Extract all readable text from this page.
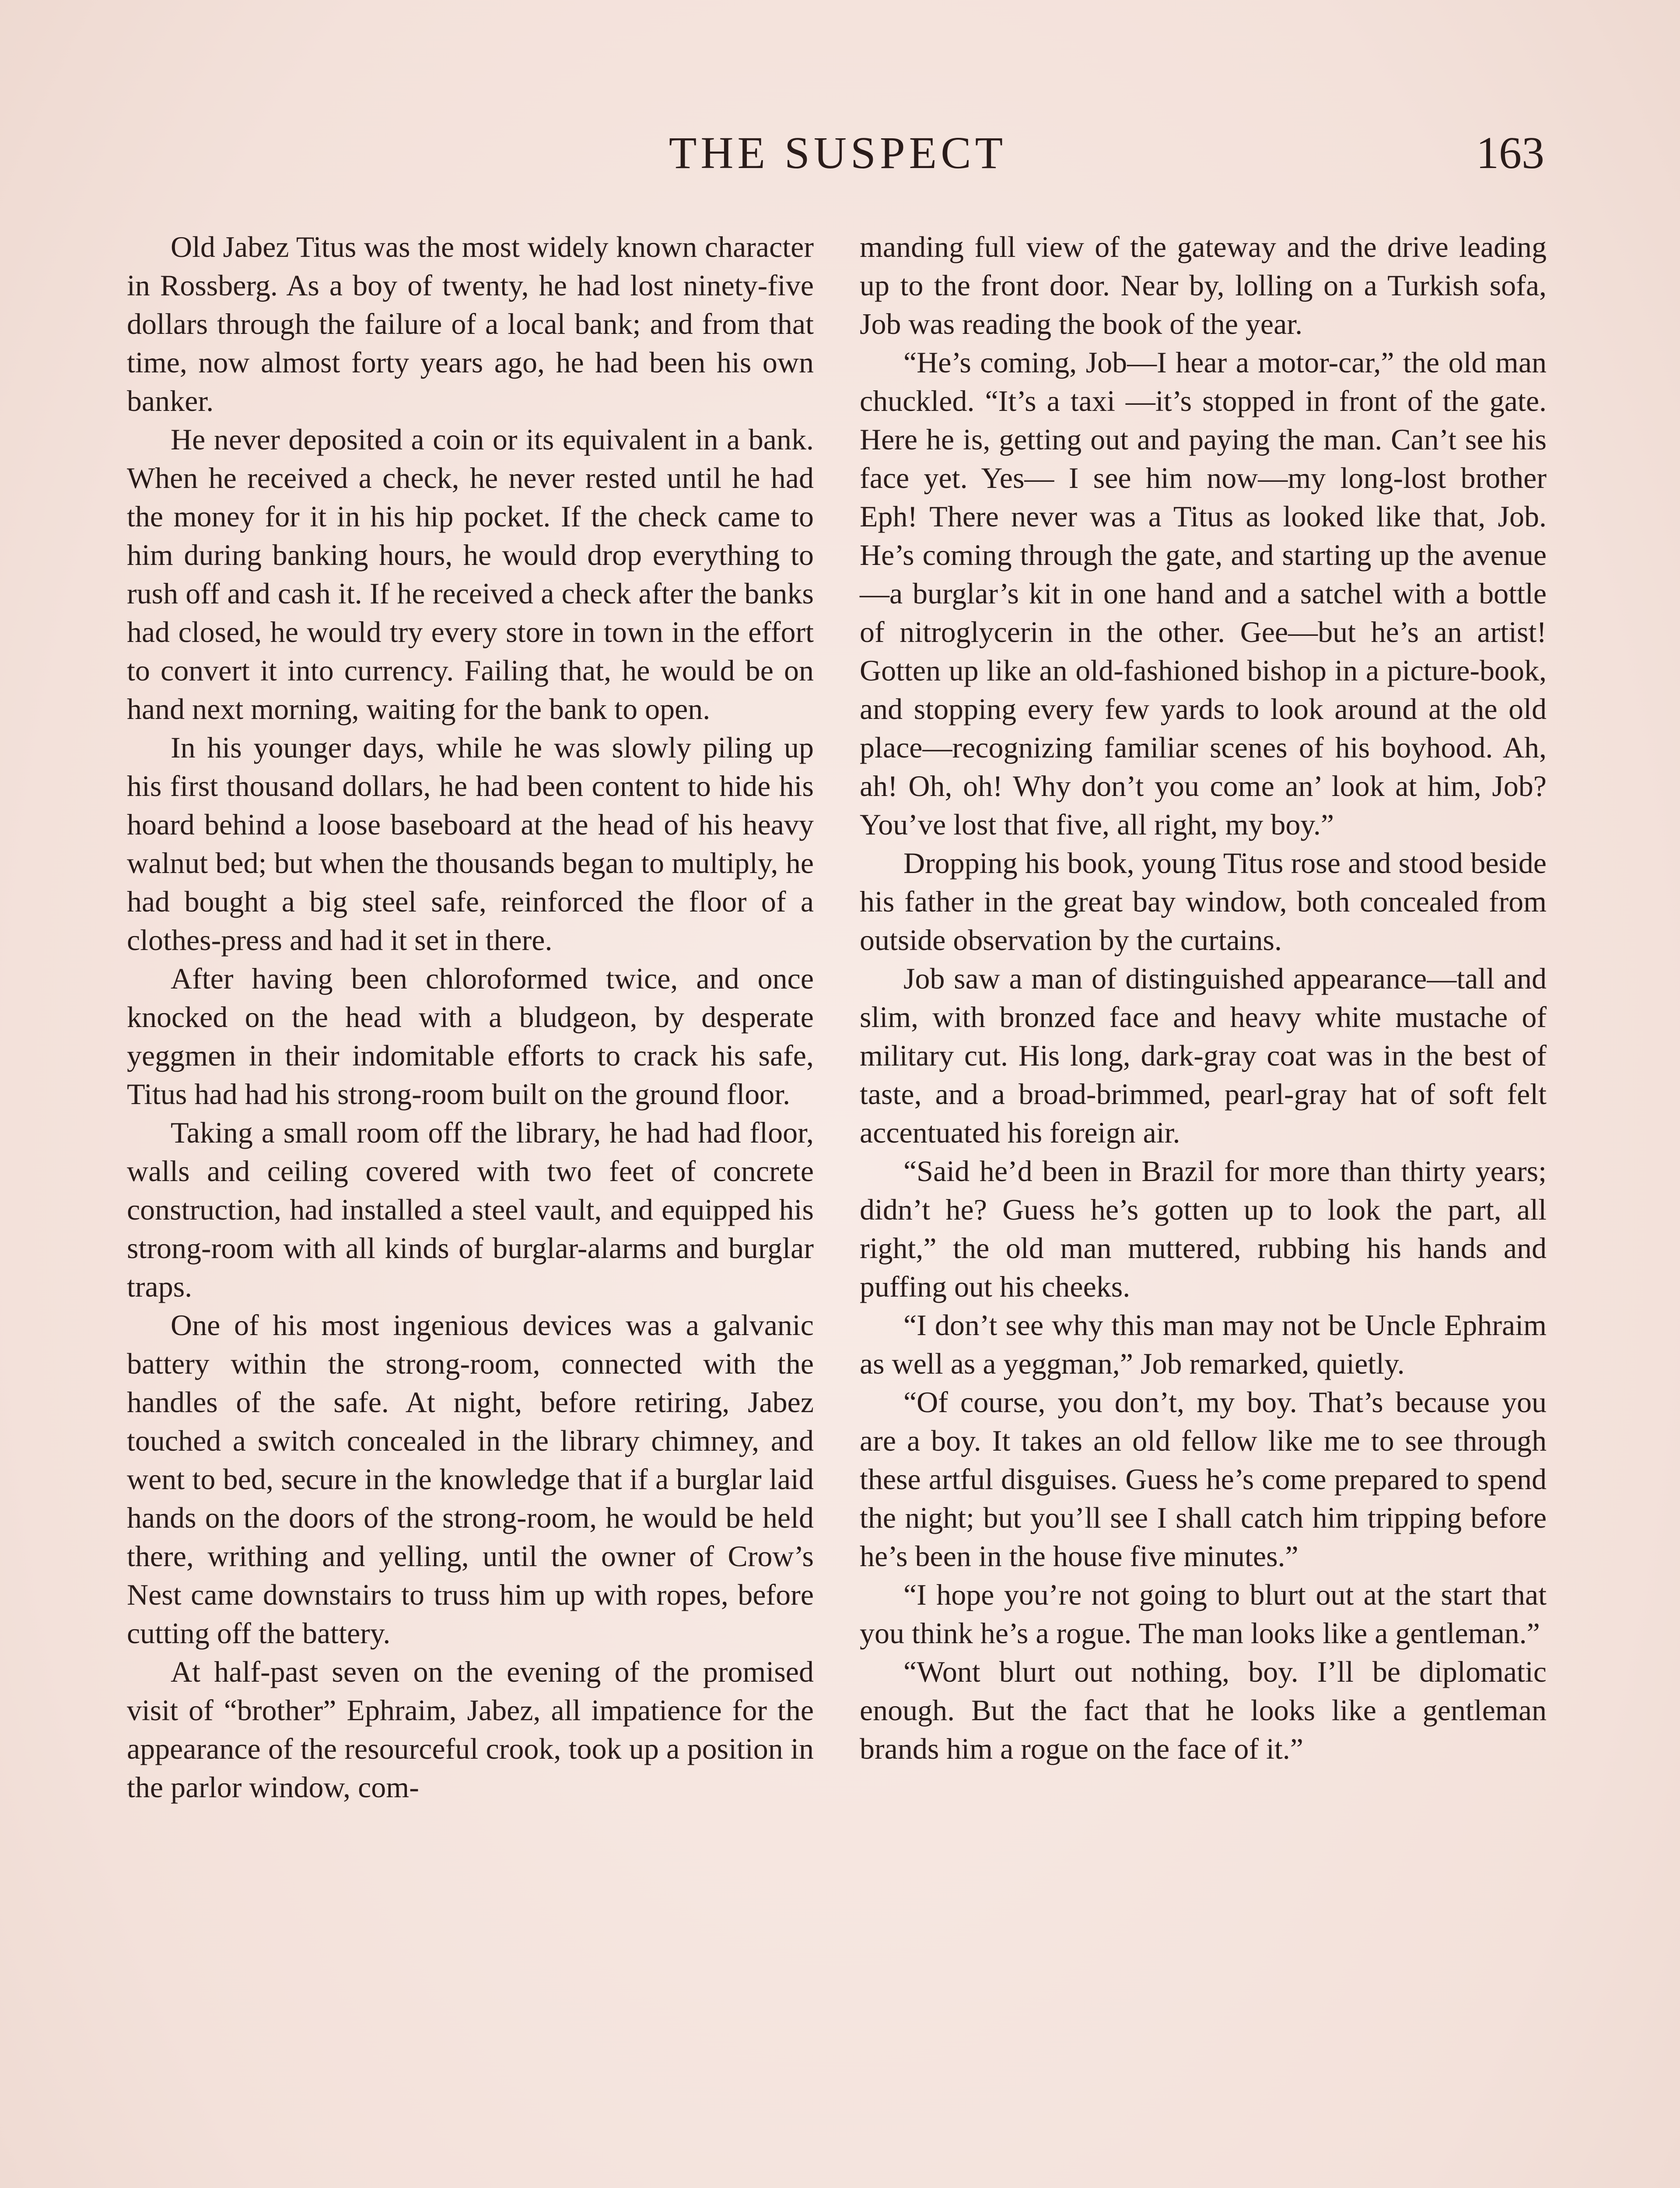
THE SUSPECT	163

Old Jabez Titus was the most widely known character in Rossberg. As a boy of twenty, he had lost ninety-five dollars through the failure of a local bank; and from that time, now almost forty years ago, he had been his own banker.

He never deposited a coin or its equivalent in a bank. When he received a check, he never rested until he had the money for it in his hip pocket. If the check came to him during banking hours, he would drop everything to rush off and cash it. If he received a check after the banks had closed, he would try every store in town in the effort to convert it into currency. Failing that, he would be on hand next morning, waiting for the bank to open.

In his younger days, while he was slowly piling up his first thousand dollars, he had been content to hide his hoard behind a loose baseboard at the head of his heavy walnut bed; but when the thousands began to multiply, he had bought a big steel safe, reinforced the floor of a clothes-press and had it set in there.

After having been chloroformed twice, and once knocked on the head with a bludgeon, by desperate yeggmen in their indomitable efforts to crack his safe, Titus had had his strong-room built on the ground floor.

Taking a small room off the library, he had had floor, walls and ceiling covered with two feet of concrete construction, had installed a steel vault, and equipped his strong-room with all kinds of burglar-alarms and burglar traps.

One of his most ingenious devices was a galvanic battery within the strong-room, connected with the handles of the safe. At night, before retiring, Jabez touched a switch concealed in the library chimney, and went to bed, secure in the knowledge that if a burglar laid hands on the doors of the strong-room, he would be held there, writhing and yelling, until the owner of Crow’s Nest came downstairs to truss him up with ropes, before cutting off the battery.

At half-past seven on the evening of the promised visit of “brother” Ephraim, Jabez, all impatience for the appearance of the resourceful crook, took up a position in the parlor window, com-

manding full view of the gateway and the drive leading up to the front door. Near by, lolling on a Turkish sofa, Job was reading the book of the year.

“He’s coming, Job—I hear a motor-car,” the old man chuckled. “It’s a taxi —it’s stopped in front of the gate. Here he is, getting out and paying the man. Can’t see his face yet. Yes— I see him now—my long-lost brother Eph! There never was a Titus as looked like that, Job. He’s coming through the gate, and starting up the avenue—a burglar’s kit in one hand and a satchel with a bottle of nitroglycerin in the other. Gee—but he’s an artist! Gotten up like an old-fashioned bishop in a picture-book, and stopping every few yards to look around at the old place—recognizing familiar scenes of his boyhood. Ah, ah! Oh, oh! Why don’t you come an’ look at him, Job? You’ve lost that five, all right, my boy.”

Dropping his book, young Titus rose and stood beside his father in the great bay window, both concealed from outside observation by the curtains.

Job saw a man of distinguished appearance—tall and slim, with bronzed face and heavy white mustache of military cut. His long, dark-gray coat was in the best of taste, and a broad-brimmed, pearl-gray hat of soft felt accentuated his foreign air.

“Said he’d been in Brazil for more than thirty years; didn’t he? Guess he’s gotten up to look the part, all right,” the old man muttered, rubbing his hands and puffing out his cheeks.

“I don’t see why this man may not be Uncle Ephraim as well as a yeggman,” Job remarked, quietly.

“Of course, you don’t, my boy. That’s because you are a boy. It takes an old fellow like me to see through these artful disguises. Guess he’s come prepared to spend the night; but you’ll see I shall catch him tripping before he’s been in the house five minutes.”

“I hope you’re not going to blurt out at the start that you think he’s a rogue. The man looks like a gentleman.”

“Wont blurt out nothing, boy. I’ll be diplomatic enough. But the fact that he looks like a gentleman brands him a rogue on the face of it.”
